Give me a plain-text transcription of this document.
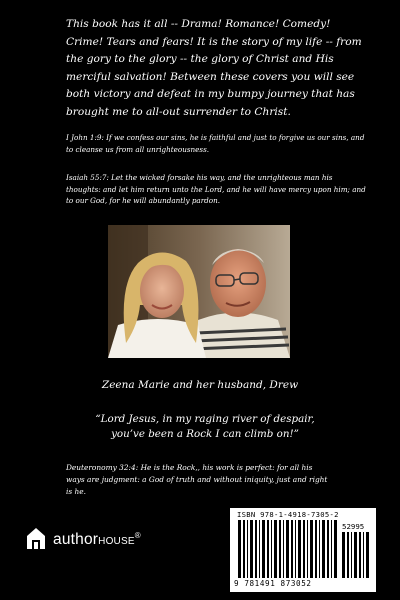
This book has it all -- Drama! Romance! Comedy! Crime! Tears and fears! It is the story of my life -- from the gory to the glory -- the glory of Christ and His merciful salvation! Between these covers you will see both victory and defeat in my bumpy journey that has brought me to all-out surrender to Christ.
I John 1:9: If we confess our sins, he is faithful and just to forgive us our sins, and to cleanse us from all unrighteousness.
Isaiah 55:7: Let the wicked forsake his way, and the unrighteous man his thoughts: and let him return unto the Lord, and he will have mercy upon him; and to our God, for he will abundantly pardon.
Zeena Marie and her husband, Drew
“Lord Jesus, in my raging river of despair, you’ve been a Rock I can climb on!”
Deuteronomy 32:4: He is the Rock,, his work is perfect: for all his ways are judgment: a God of truth and without iniquity, just and right is he.
authorHOUSE®
ISBN 978-1-4918-7305-2
52995
9 781491 873052
